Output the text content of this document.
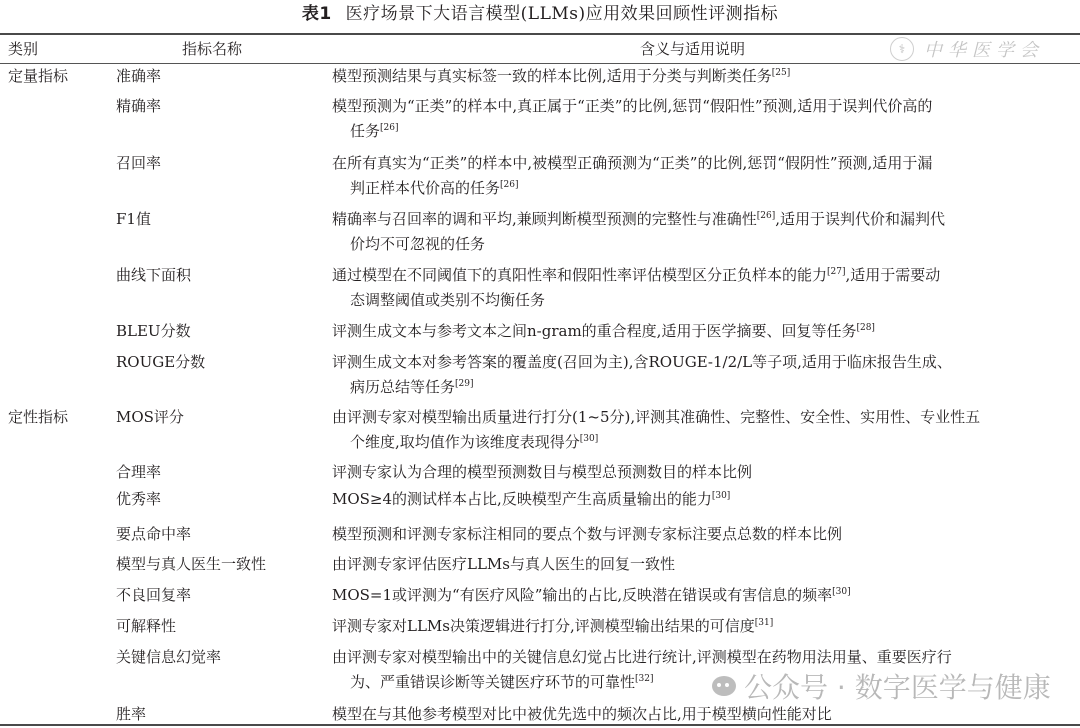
表1 医疗场景下大语言模型(LLMs)应用效果回顾性评测指标
类别	指标名称	含义与适用说明	⚕	中华医学会
定量指标	准确率	模型预测结果与真实标签一致的样本比例,适用于分类与判断类任务[25]
精确率	模型预测为“正类”的样本中,真正属于“正类”的比例,惩罚“假阳性”预测,适用于误判代价高的
任务[26]
召回率	在所有真实为“正类”的样本中,被模型正确预测为“正类”的比例,惩罚“假阴性”预测,适用于漏
判正样本代价高的任务[26]
F1值	精确率与召回率的调和平均,兼顾判断模型预测的完整性与准确性[26],适用于误判代价和漏判代
价均不可忽视的任务
曲线下面积	通过模型在不同阈值下的真阳性率和假阳性率评估模型区分正负样本的能力[27],适用于需要动
态调整阈值或类别不均衡任务
BLEU分数	评测生成文本与参考文本之间n-gram的重合程度,适用于医学摘要、回复等任务[28]
ROUGE分数	评测生成文本对参考答案的覆盖度(召回为主),含ROUGE-1/2/L等子项,适用于临床报告生成、
病历总结等任务[29]
定性指标	MOS评分	由评测专家对模型输出质量进行打分(1~5分),评测其准确性、完整性、安全性、实用性、专业性五
个维度,取均值作为该维度表现得分[30]
合理率	评测专家认为合理的模型预测数目与模型总预测数目的样本比例
优秀率	MOS≥4的测试样本占比,反映模型产生高质量输出的能力[30]
要点命中率	模型预测和评测专家标注相同的要点个数与评测专家标注要点总数的样本比例
模型与真人医生一致性	由评测专家评估医疗LLMs与真人医生的回复一致性
不良回复率	MOS=1或评测为“有医疗风险”输出的占比,反映潜在错误或有害信息的频率[30]
可解释性	评测专家对LLMs决策逻辑进行打分,评测模型输出结果的可信度[31]
关键信息幻觉率	由评测专家对模型输出中的关键信息幻觉占比进行统计,评测模型在药物用法用量、重要医疗行
为、严重错误诊断等关键医疗环节的可靠性[32]
胜率	模型在与其他参考模型对比中被优先选中的频次占比,用于模型横向性能对比
公众号 · 数字医学与健康
